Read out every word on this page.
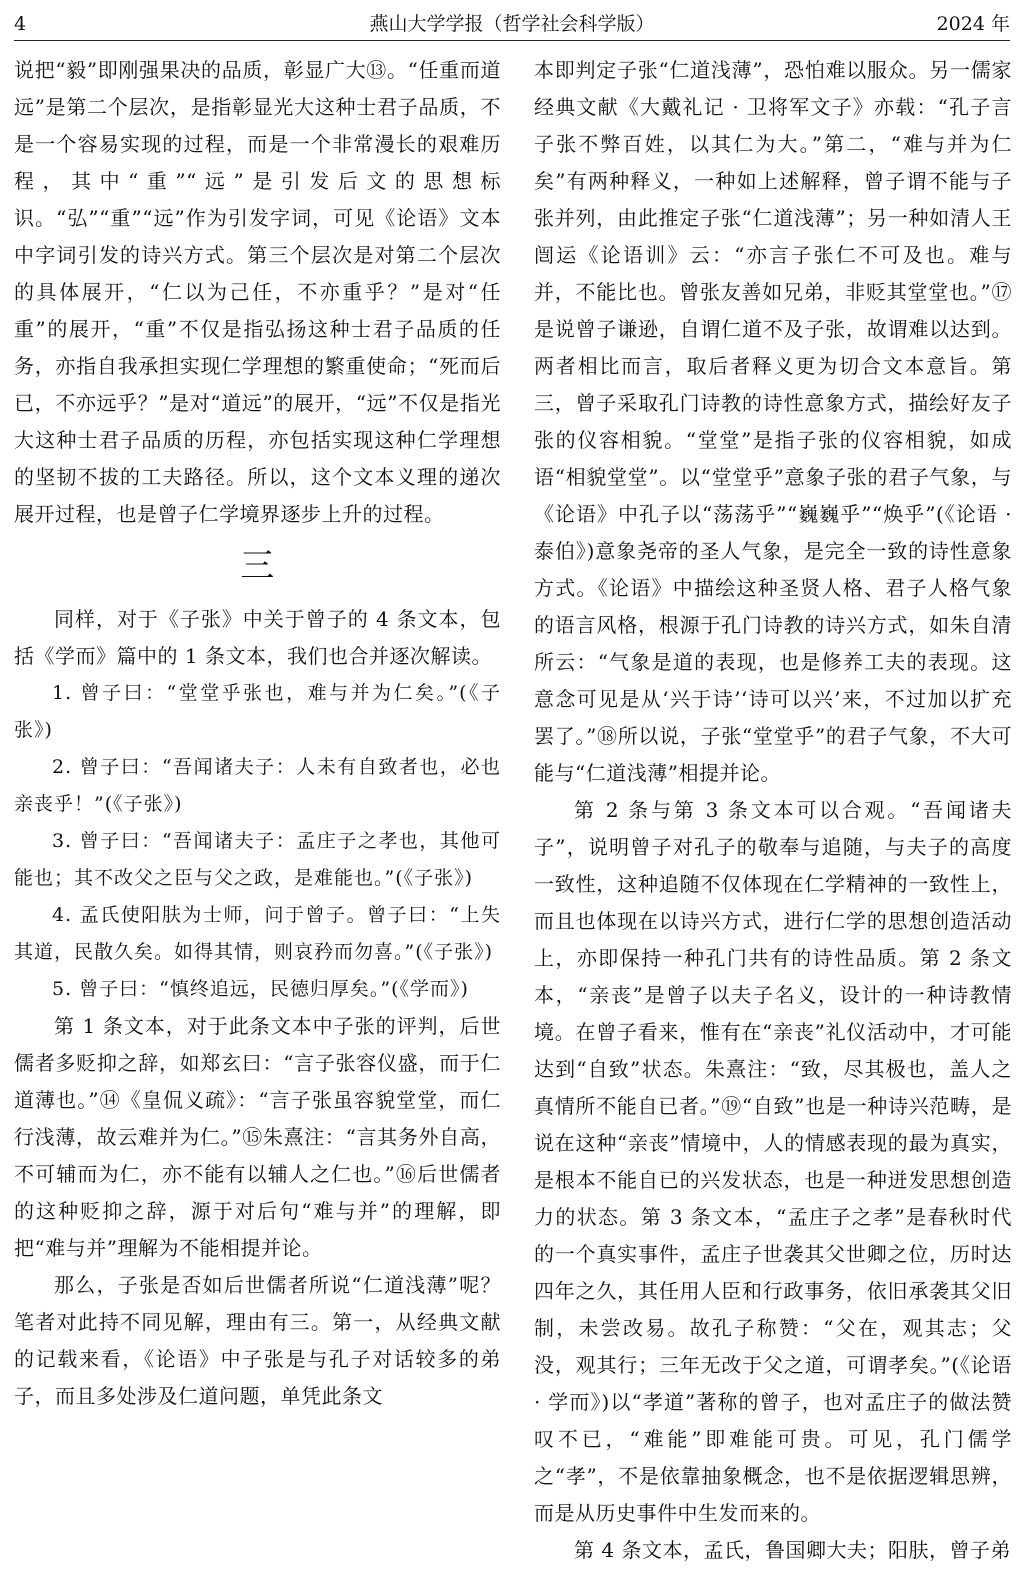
4	燕山大学学报（哲学社会科学版）	2024 年

说把“毅”即刚强果决的品质，彰显广大⑬。“任重而道远”是第二个层次，是指彰显光大这种士君子品质，不是一个容易实现的过程，而是一个非常漫长的艰难历程，其中“重”“远”是引发后文的思想标识。“弘”“重”“远”作为引发字词，可见《论语》文本中字词引发的诗兴方式。第三个层次是对第二个层次的具体展开，“仁以为己任，不亦重乎？”是对“任重”的展开，“重”不仅是指弘扬这种士君子品质的任务，亦指自我承担实现仁学理想的繁重使命；“死而后已，不亦远乎？”是对“道远”的展开，“远”不仅是指光大这种士君子品质的历程，亦包括实现这种仁学理想的坚韧不拔的工夫路径。所以，这个文本义理的递次展开过程，也是曾子仁学境界逐步上升的过程。

三

同样，对于《子张》中关于曾子的 4 条文本，包括《学而》篇中的 1 条文本，我们也合并逐次解读。

1. 曾子曰：“堂堂乎张也，难与并为仁矣。”(《子张》)

2. 曾子曰：“吾闻诸夫子：人未有自致者也，必也亲丧乎！”(《子张》)

3. 曾子曰：“吾闻诸夫子：孟庄子之孝也，其他可能也；其不改父之臣与父之政，是难能也。”(《子张》)

4. 孟氏使阳肤为士师，问于曾子。曾子曰：“上失其道，民散久矣。如得其情，则哀矜而勿喜。”(《子张》)

5. 曾子曰：“慎终追远，民德归厚矣。”(《学而》)

第 1 条文本，对于此条文本中子张的评判，后世儒者多贬抑之辞，如郑玄曰：“言子张容仪盛，而于仁道薄也。”⑭《皇侃义疏》：“言子张虽容貌堂堂，而仁行浅薄，故云难并为仁。”⑮朱熹注：“言其务外自高，不可辅而为仁，亦不能有以辅人之仁也。”⑯后世儒者的这种贬抑之辞，源于对后句“难与并”的理解，即把“难与并”理解为不能相提并论。

那么，子张是否如后世儒者所说“仁道浅薄”呢？笔者对此持不同见解，理由有三。第一，从经典文献的记载来看，《论语》中子张是与孔子对话较多的弟子，而且多处涉及仁道问题，单凭此条文

本即判定子张“仁道浅薄”，恐怕难以服众。另一儒家经典文献《大戴礼记 · 卫将军文子》亦载：“孔子言子张不弊百姓，以其仁为大。”第二，“难与并为仁矣”有两种释义，一种如上述解释，曾子谓不能与子张并列，由此推定子张“仁道浅薄”；另一种如清人王闿运《论语训》云：“亦言子张仁不可及也。难与并，不能比也。曾张友善如兄弟，非贬其堂堂也。”⑰是说曾子谦逊，自谓仁道不及子张，故谓难以达到。两者相比而言，取后者释义更为切合文本意旨。第三，曾子采取孔门诗教的诗性意象方式，描绘好友子张的仪容相貌。“堂堂”是指子张的仪容相貌，如成语“相貌堂堂”。以“堂堂乎”意象子张的君子气象，与《论语》中孔子以“荡荡乎”“巍巍乎”“焕乎”(《论语 · 泰伯》)意象尧帝的圣人气象，是完全一致的诗性意象方式。《论语》中描绘这种圣贤人格、君子人格气象的语言风格，根源于孔门诗教的诗兴方式，如朱自清所云：“气象是道的表现，也是修养工夫的表现。这意念可见是从‘兴于诗’‘诗可以兴’来，不过加以扩充罢了。”⑱所以说，子张“堂堂乎”的君子气象，不大可能与“仁道浅薄”相提并论。

第 2 条与第 3 条文本可以合观。“吾闻诸夫子”，说明曾子对孔子的敬奉与追随，与夫子的高度一致性，这种追随不仅体现在仁学精神的一致性上，而且也体现在以诗兴方式，进行仁学的思想创造活动上，亦即保持一种孔门共有的诗性品质。第 2 条文本，“亲丧”是曾子以夫子名义，设计的一种诗教情境。在曾子看来，惟有在“亲丧”礼仪活动中，才可能达到“自致”状态。朱熹注：“致，尽其极也，盖人之真情所不能自已者。”⑲“自致”也是一种诗兴范畴，是说在这种“亲丧”情境中，人的情感表现的最为真实，是根本不能自已的兴发状态，也是一种迸发思想创造力的状态。第 3 条文本，“孟庄子之孝”是春秋时代的一个真实事件，孟庄子世袭其父世卿之位，历时达四年之久，其任用人臣和行政事务，依旧承袭其父旧制，未尝改易。故孔子称赞：“父在，观其志；父没，观其行；三年无改于父之道，可谓孝矣。”(《论语 · 学而》)以“孝道”著称的曾子，也对孟庄子的做法赞叹不已，“难能”即难能可贵。可见，孔门儒学之“孝”，不是依靠抽象概念，也不是依据逻辑思辨，而是从历史事件中生发而来的。

第 4 条文本，孟氏，鲁国卿大夫；阳肤，曾子弟
